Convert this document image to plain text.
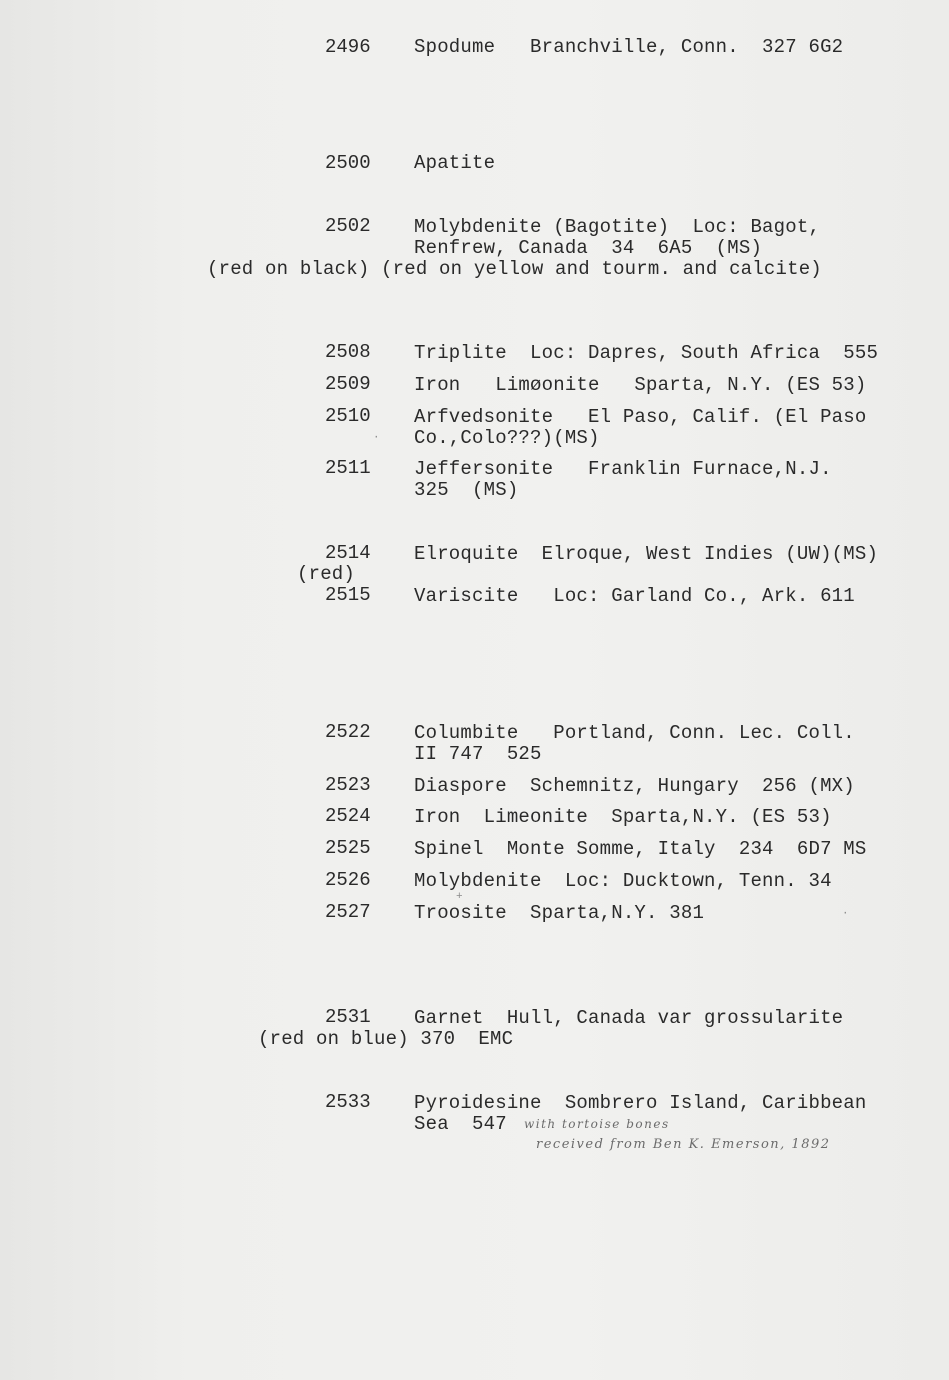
2496 Spodume   Branchville, Conn.  327 6G2
2500 Apatite
2502 Molybdenite (Bagotite)  Loc: Bagot,
Renfrew, Canada  34  6A5  (MS)
(red on black) (red on yellow and tourm. and calcite)
2508 Triplite  Loc: Dapres, South Africa  555
2509 Iron   Limøonite   Sparta, N.Y. (ES 53)
2510 Arfvedsonite   El Paso, Calif. (El Paso
Co.,Colo???)(MS)
·
2511 Jeffersonite   Franklin Furnace,N.J.
325  (MS)
2514 Elroquite  Elroque, West Indies (UW)(MS)
(red)
2515 Variscite   Loc: Garland Co., Ark. 611
2522 Columbite   Portland, Conn. Lec. Coll.
II 747  525
2523 Diaspore  Schemnitz, Hungary  256 (MX)
2524 Iron  Limeonite  Sparta,N.Y. (ES 53)
2525 Spinel  Monte Somme, Italy  234  6D7 MS
2526 Molybdenite  Loc: Ducktown, Tenn. 34
2527 Troosite  Sparta,N.Y. 381
+
·
2531 Garnet  Hull, Canada var grossularite
(red on blue) 370  EMC
2533 Pyroidesine  Sombrero Island, Caribbean
Sea  547 with tortoise bones
received from Ben K. Emerson, 1892
